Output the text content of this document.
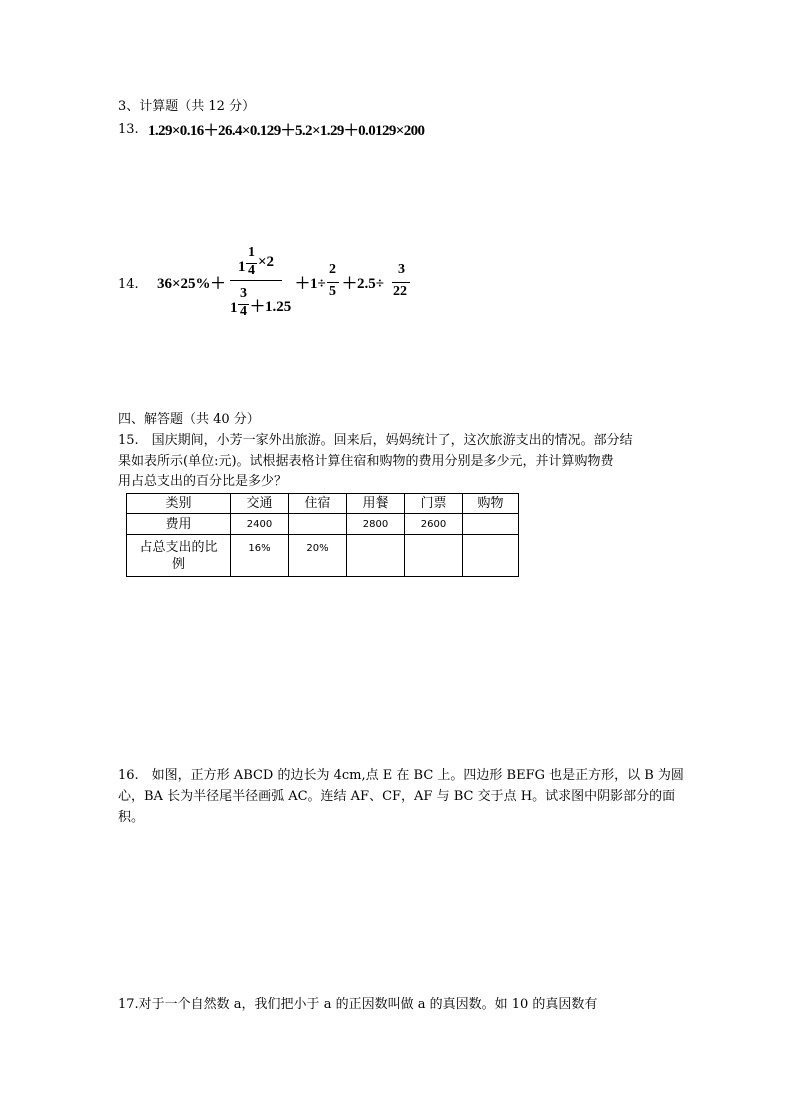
3、计算题（共 12 分）
13. 1.29×0.16＋26.4×0.129＋5.2×1.29＋0.0129×200
14. 36×25%＋
1
1
4
×2
1
3
4 ＋1.25
＋1÷
2
5 ＋2.5÷
3
22
四、解答题（共 40 分）
15.　国庆期间，小芳一家外出旅游。回来后，妈妈统计了，这次旅游支出的情况。部分结
果如表所示(单位:元)。试根据表格计算住宿和购物的费用分别是多少元，并计算购物费
用占总支出的百分比是多少？
类别	交通	住宿	用餐	门票	购物
费用	2400		2800	2600	

占总支出的比
例	16%	20%			
16.　如图，正方形 ABCD 的边长为 4cm,点 E 在 BC 上。四边形 BEFG 也是正方形，以 B 为圆
心，BA 长为半径尾半径画弧 AC。连结 AF、CF，AF 与 BC 交于点 H。试求图中阴影部分的面
积。
17.对于一个自然数 a，我们把小于 a 的正因数叫做 a 的真因数。如 10 的真因数有
